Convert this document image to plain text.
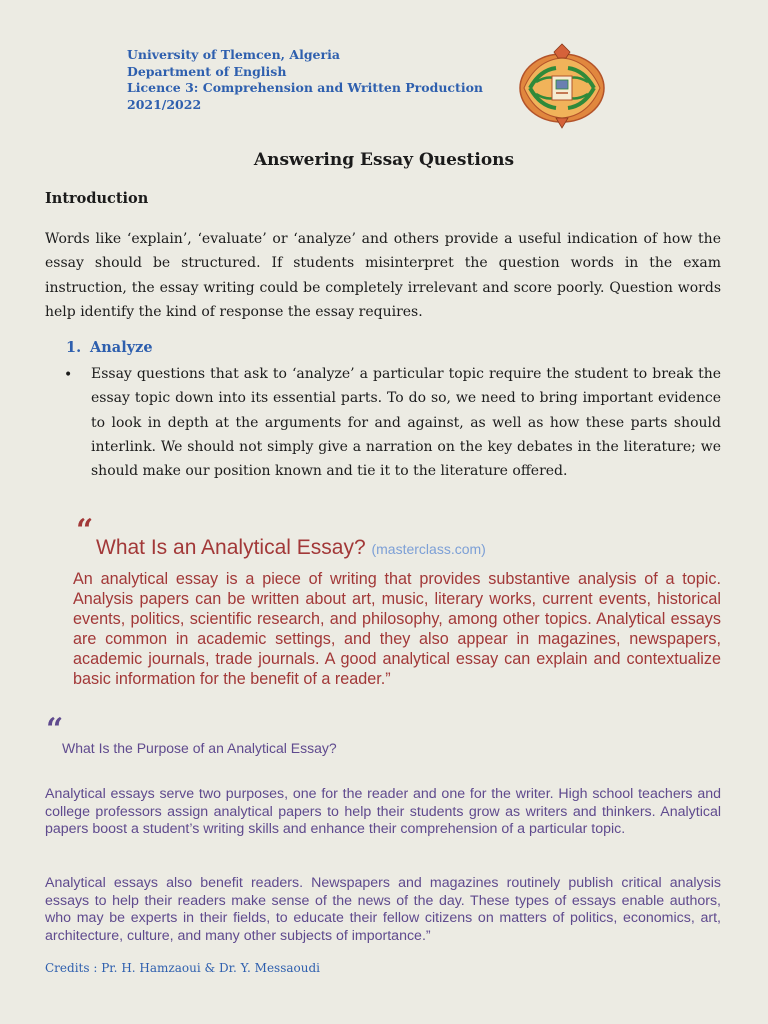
University of Tlemcen, Algeria
Department of English
Licence 3: Comprehension and Written Production
2021/2022
Answering Essay Questions
Introduction
Words like ‘explain’, ‘evaluate’ or ‘analyze’ and others provide a useful indication of how the essay should be structured. If students misinterpret the question words in the exam instruction, the essay writing could be completely irrelevant and score poorly. Question words help identify the kind of response the essay requires.
1. Analyze
• Essay questions that ask to ‘analyze’ a particular topic require the student to break the essay topic down into its essential parts. To do so, we need to bring important evidence to look in depth at the arguments for and against, as well as how these parts should interlink. We should not simply give a narration on the key debates in the literature; we should make our position known and tie it to the literature offered.
“ What Is an Analytical Essay? (masterclass.com)
An analytical essay is a piece of writing that provides substantive analysis of a topic. Analysis papers can be written about art, music, literary works, current events, historical events, politics, scientific research, and philosophy, among other topics. Analytical essays are common in academic settings, and they also appear in magazines, newspapers, academic journals, trade journals. A good analytical essay can explain and contextualize basic information for the benefit of a reader.”
“
What Is the Purpose of an Analytical Essay?
Analytical essays serve two purposes, one for the reader and one for the writer. High school teachers and college professors assign analytical papers to help their students grow as writers and thinkers. Analytical papers boost a student’s writing skills and enhance their comprehension of a particular topic.
Analytical essays also benefit readers. Newspapers and magazines routinely publish critical analysis essays to help their readers make sense of the news of the day. These types of essays enable authors, who may be experts in their fields, to educate their fellow citizens on matters of politics, economics, art, architecture, culture, and many other subjects of importance.”
Credits : Pr. H. Hamzaoui & Dr. Y. Messaoudi
